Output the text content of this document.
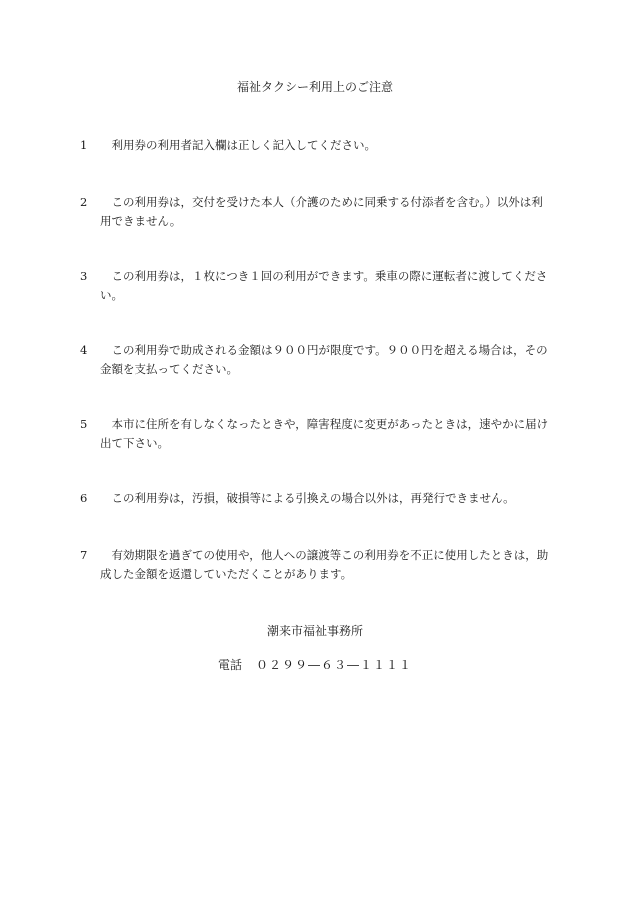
福祉タクシー利用上のご注意
1	利用券の利用者記入欄は正しく記入してください。
2	この利用券は，交付を受けた本人（介護のために同乗する付添者を含む。）以外は利用できません。
3	この利用券は，１枚につき１回の利用ができます。乗車の際に運転者に渡してください。
4	この利用券で助成される金額は９００円が限度です。９００円を超える場合は，その金額を支払ってください。
5	本市に住所を有しなくなったときや，障害程度に変更があったときは，速やかに届け出て下さい。
6	この利用券は，汚損，破損等による引換えの場合以外は，再発行できません。
7	有効期限を過ぎての使用や，他人への譲渡等この利用券を不正に使用したときは，助成した金額を返還していただくことがあります。
潮来市福祉事務所
電話 ０２９９―６３―１１１１
